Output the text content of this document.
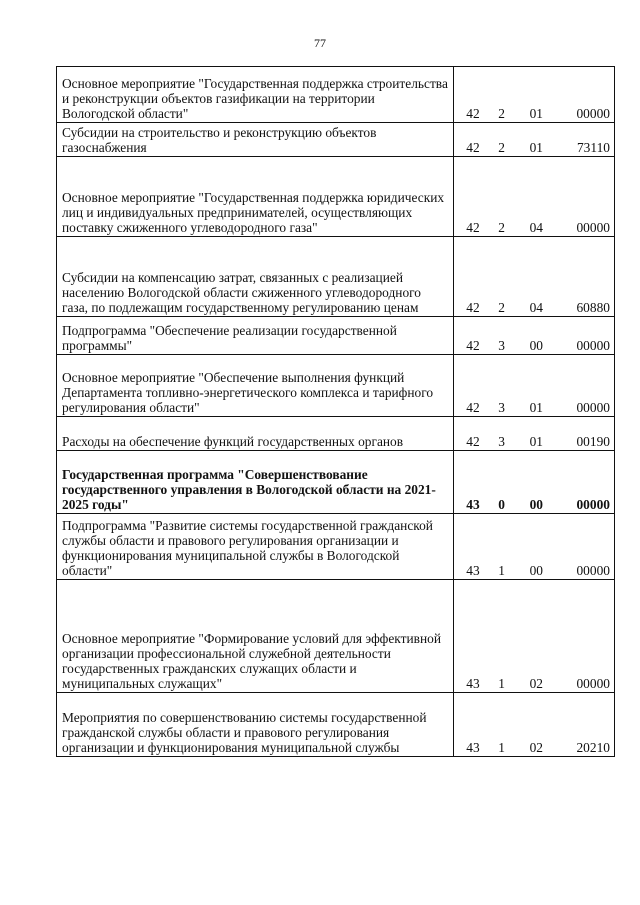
77
Основное мероприятие "Государственная поддержка строительства и реконструкции объектов газификации на территории Вологодской области"	42 2 01 00000

Субсидии на строительство и реконструкцию объектов газоснабжения	42 2 01 73110

Основное мероприятие "Государственная поддержка юридических лиц и индивидуальных предпринимателей, осуществляющих поставку сжиженного углеводородного газа"	42 2 04 00000

Субсидии на компенсацию затрат, связанных с реализацией населению Вологодской области сжиженного углеводородного газа, по подлежащим государственному регулированию ценам	42 2 04 60880

Подпрограмма "Обеспечение реализации государственной программы"	42 3 00 00000

Основное мероприятие "Обеспечение выполнения функций Департамента топливно-энергетического комплекса и тарифного регулирования области"	42 3 01 00000

Расходы на обеспечение функций государственных органов	42 3 01 00190

Государственная программа "Совершенствование государственного управления в Вологодской области на 2021-2025 годы"	43 0 00 00000

Подпрограмма "Развитие системы государственной гражданской службы области и правового регулирования организации и функционирования муниципальной службы в Вологодской области"	43 1 00 00000

Основное мероприятие "Формирование условий для эффективной организации профессиональной служебной деятельности государственных гражданских служащих области и муниципальных служащих"	43 1 02 00000

Мероприятия по совершенствованию системы государственной гражданской службы области и правового регулирования организации и функционирования муниципальной службы	43 1 02 20210
